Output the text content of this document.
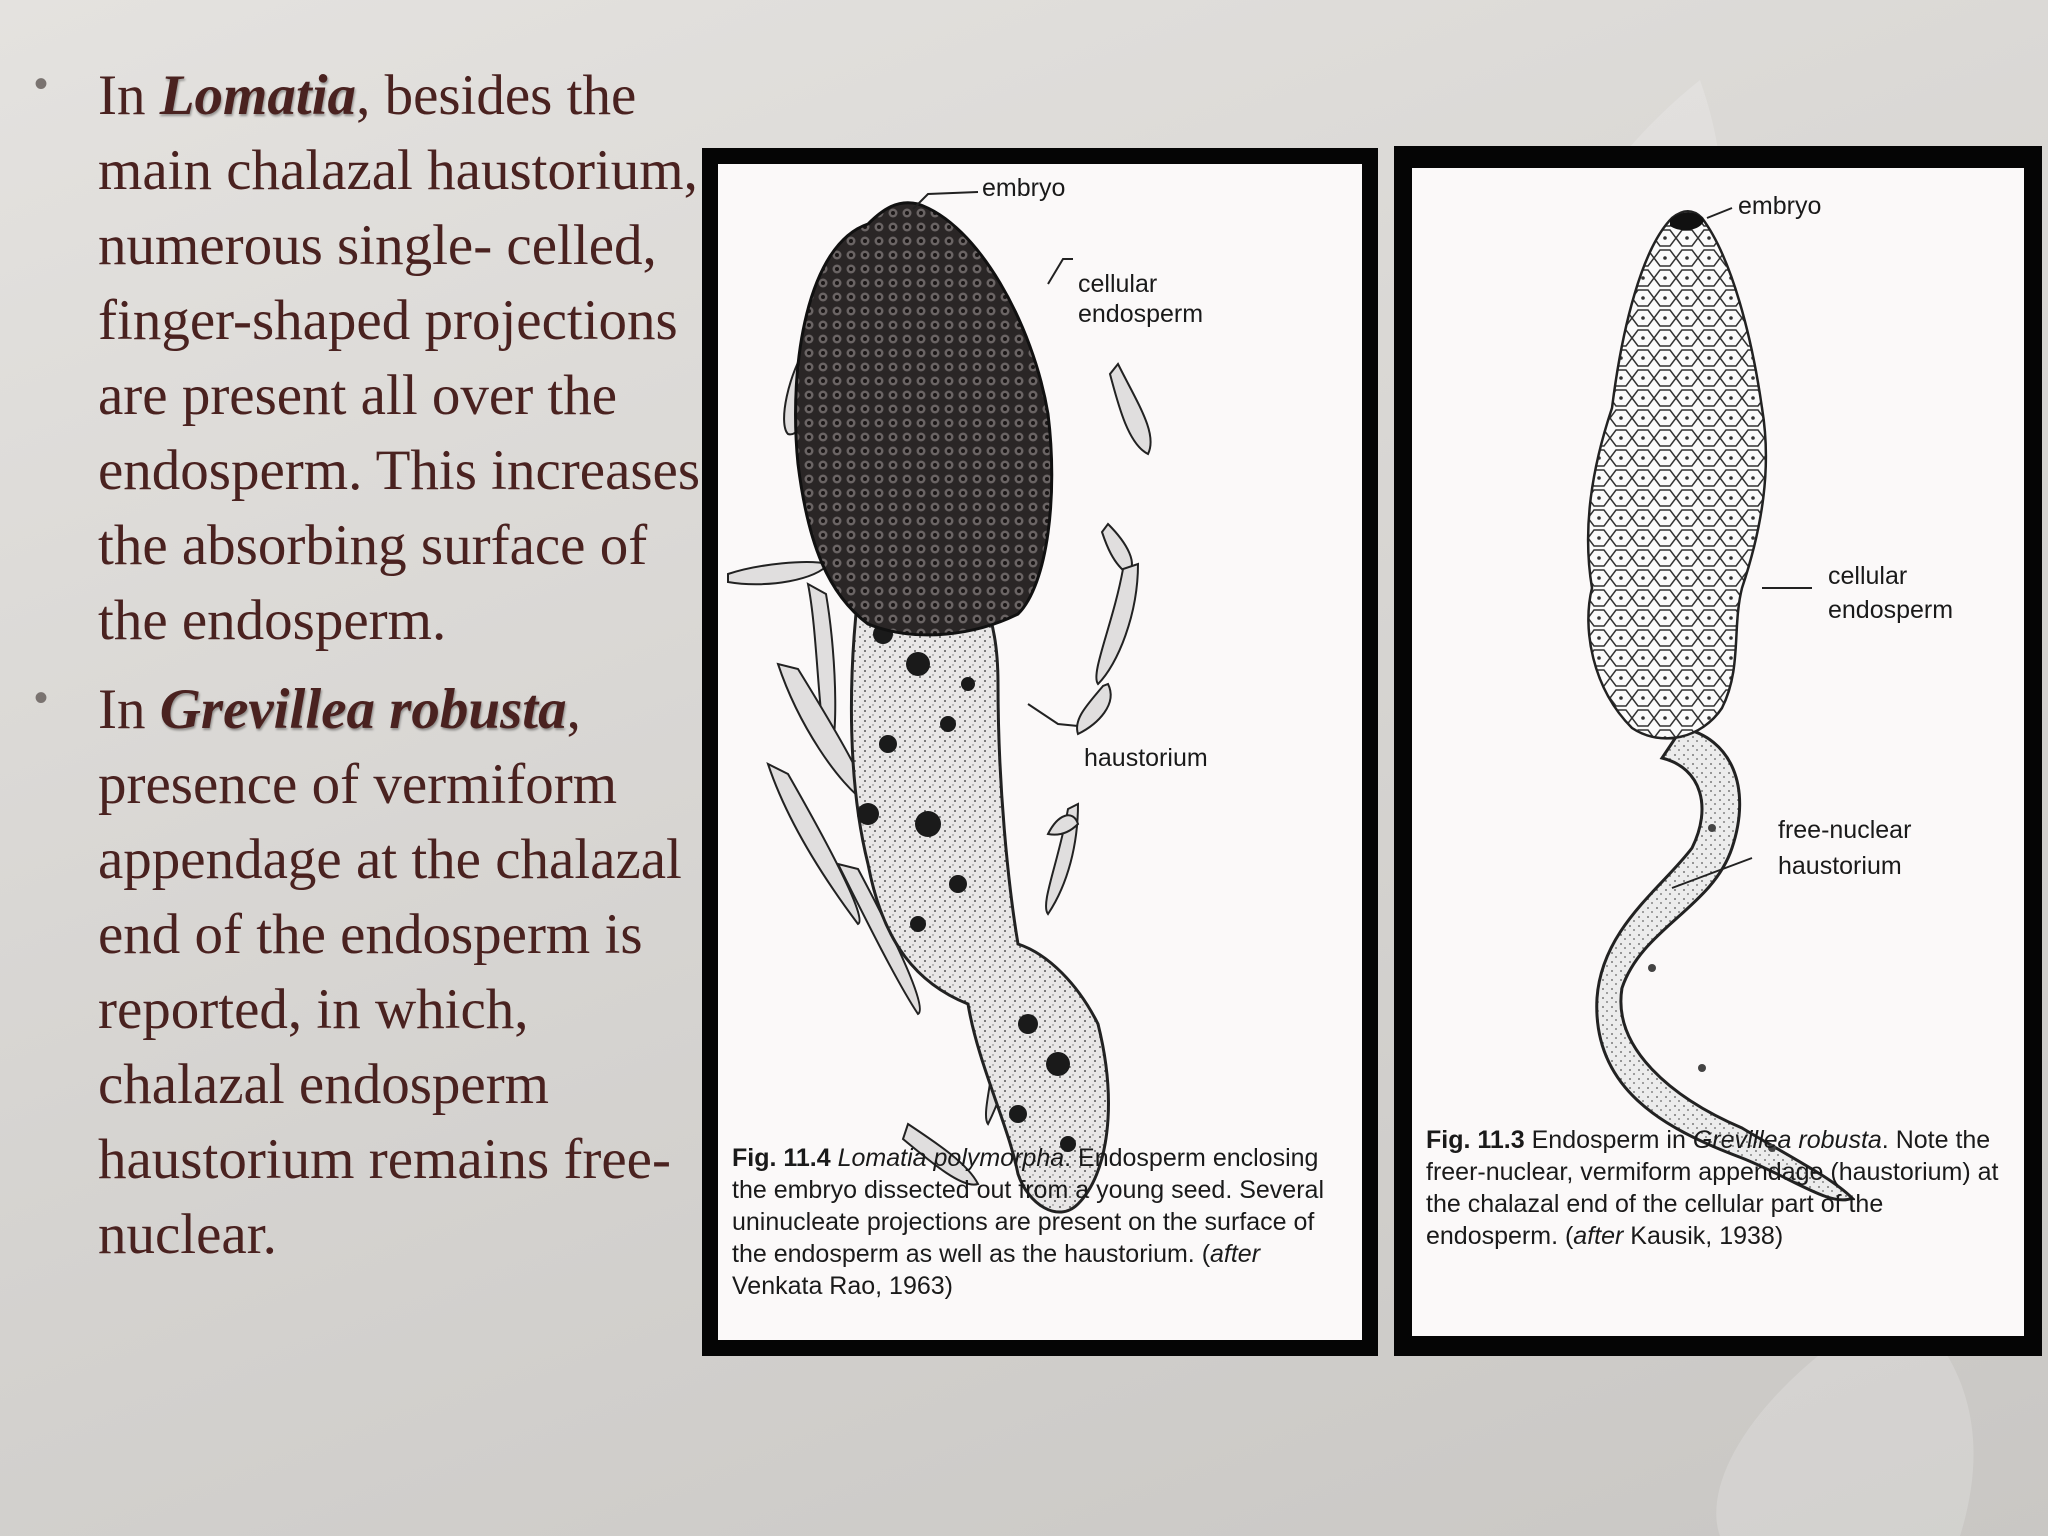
• In Lomatia, besides the main chalazal haustorium, numerous single- celled, finger-shaped projections are present all over the endosperm. This increases the absorbing surface of the endosperm.
• In Grevillea robusta, presence of vermiform appendage at the chalazal end of the endosperm is reported, in which, chalazal endosperm haustorium remains free- nuclear.
embryo
cellular
endosperm
haustorium
Fig. 11.4 Lomatia polymorpha. Endosperm enclosing the embryo dissected out from a young seed. Several uninucleate projections are present on the surface of the endosperm as well as the haustorium. (after Venkata Rao, 1963)
embryo
cellular
endosperm
free-nuclear
haustorium
Fig. 11.3 Endosperm in Grevillea robusta. Note the freer-nuclear, vermiform appendage (haustorium) at the chalazal end of the cellular part of the endosperm. (after Kausik, 1938)
